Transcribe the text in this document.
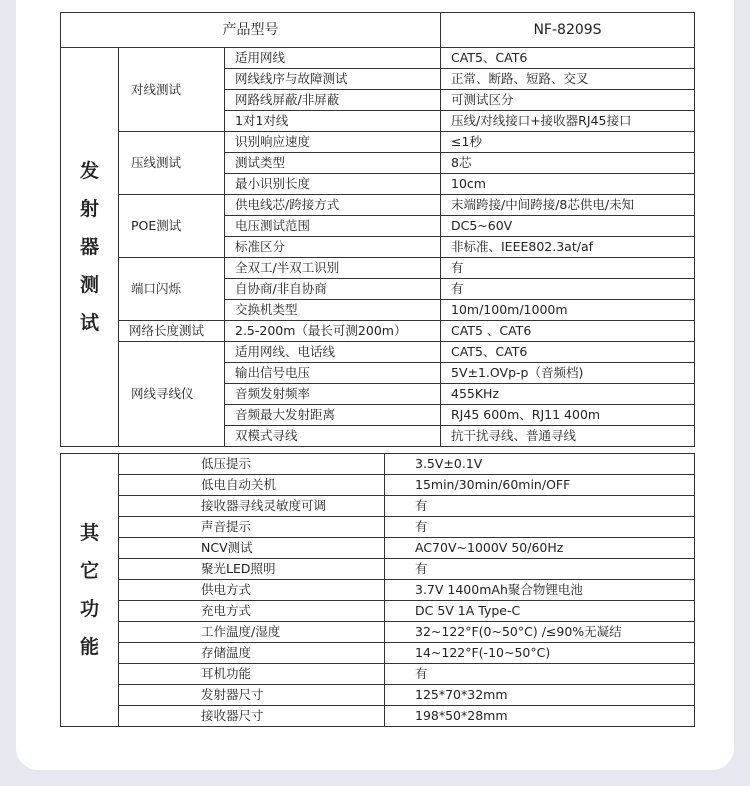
产品型号			NF-8209S

发
射
器
测
试	对线测试	适用网线	CAT5、CAT6
		网线线序与故障测试	正常、断路、短路、交叉
		网路线屏蔽/非屏蔽	可测试区分
		1对1对线	压线/对线接口+接收器RJ45接口
	压线测试	识别响应速度	≤1秒
		测试类型	8芯
		最小识别长度	10cm
	POE测试	供电线芯/跨接方式	末端跨接/中间跨接/8芯供电/未知
		电压测试范围	DC5~60V
		标准区分	非标准、IEEE802.3at/af
	端口闪烁	全双工/半双工识别	有
		自协商/非自协商	有
		交换机类型	10m/100m/1000m
	网络长度测试	2.5-200m（最长可测200m）	CAT5 、CAT6
	网线寻线仪	适用网线、电话线	CAT5、CAT6
		输出信号电压	5V±1.OVp-p（音频档)
		音频发射频率	455KHz
		音频最大发射距离	RJ45 600m、RJ11 400m
		双模式寻线	抗干扰寻线、普通寻线
其
它
功
能	低压提示	3.5V±0.1V
	低电自动关机	15min/30min/60min/OFF
	接收器寻线灵敏度可调	有
	声音提示	有
	NCV测试	AC70V~1000V 50/60Hz
	聚光LED照明	有
	供电方式	3.7V 1400mAh聚合物锂电池
	充电方式	DC 5V 1A Type-C
	工作温度/湿度	32~122°F(0~50°C) /≤90%无凝结
	存储温度	14~122°F(-10~50°C)
	耳机功能	有
	发射器尺寸	125*70*32mm
	接收器尺寸	198*50*28mm
